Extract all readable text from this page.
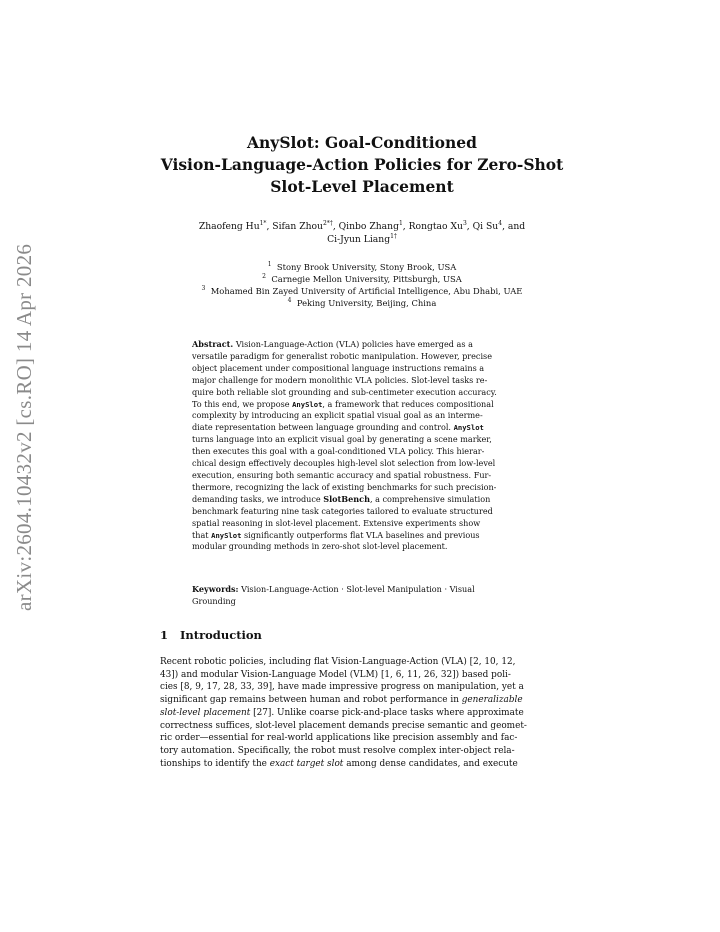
arXiv:2604.10432v2 [cs.RO] 14 Apr 2026
AnySlot: Goal-Conditioned
Vision-Language-Action Policies for Zero-Shot
Slot-Level Placement
Zhaofeng $Hu^{1*}$, Sifan Zhou$^{2*\dagger}$, Qinbo Zhang$^1$, Rongtao Xu$^3$, Qi Su$^4$, and
Ci-Jyun Liang$^{1\dagger}$
$^1$ Stony Brook University, Stony Brook, USA
$^2$ Carnegie Mellon University, Pittsburgh, USA
$^3$ Mohamed Bin Zayed University of Artificial Intelligence, Abu Dhabi, UAE
$^4$ Peking University, Beijing, China
Abstract. Vision-Language-Action (VLA) policies have emerged as a
versatile paradigm for generalist robotic manipulation. However, precise
object placement under compositional language instructions remains a
major challenge for modern monolithic VLA policies. Slot-level tasks re-
quire both reliable slot grounding and sub-centimeter execution accuracy.
To this end, we propose AnySlot, a framework that reduces compositional
complexity by introducing an explicit spatial visual goal as an interme-
diate representation between language grounding and control. AnySlot
turns language into an explicit visual goal by generating a scene marker,
then executes this goal with a goal-conditioned VLA policy. This hierar-
chical design effectively decouples high-level slot selection from low-level
execution, ensuring both semantic accuracy and spatial robustness. Fur-
thermore, recognizing the lack of existing benchmarks for such precision-
demanding tasks, we introduce SlotBench, a comprehensive simulation
benchmark featuring nine task categories tailored to evaluate structured
spatial reasoning in slot-level placement. Extensive experiments show
that AnySlot significantly outperforms flat VLA baselines and previous
modular grounding methods in zero-shot slot-level placement.
Keywords: Vision-Language-Action · Slot-level Manipulation · Visual
Grounding
1 Introduction
Recent robotic policies, including flat Vision-Language-Action (VLA) [2, 10, 12,
43]) and modular Vision-Language Model (VLM) [1, 6, 11, 26, 32]) based poli-
cies [8, 9, 17, 28, 33, 39], have made impressive progress on manipulation, yet a
significant gap remains between human and robot performance in generalizable
slot-level placement [27]. Unlike coarse pick-and-place tasks where approximate
correctness suffices, slot-level placement demands precise semantic and geomet-
ric order—essential for real-world applications like precision assembly and fac-
tory automation. Specifically, the robot must resolve complex inter-object rela-
tionships to identify the exact target slot among dense candidates, and execute
